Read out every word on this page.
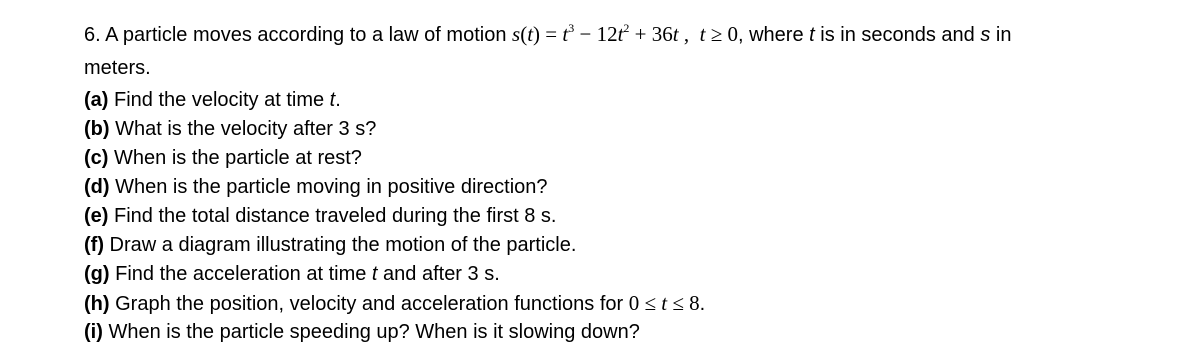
6. A particle moves according to a law of motion $s(t) = t^3 - 12t^2 + 36t$ ,  t ≥ 0, where t is in seconds and s in
meters.
(a) Find the velocity at time t.
(b) What is the velocity after 3 s?
(c) When is the particle at rest?
(d) When is the particle moving in positive direction?
(e) Find the total distance traveled during the first 8 s.
(f) Draw a diagram illustrating the motion of the particle.
(g) Find the acceleration at time t and after 3 s.
(h) Graph the position, velocity and acceleration functions for 0 ≤ t ≤ 8.
(i) When is the particle speeding up? When is it slowing down?
